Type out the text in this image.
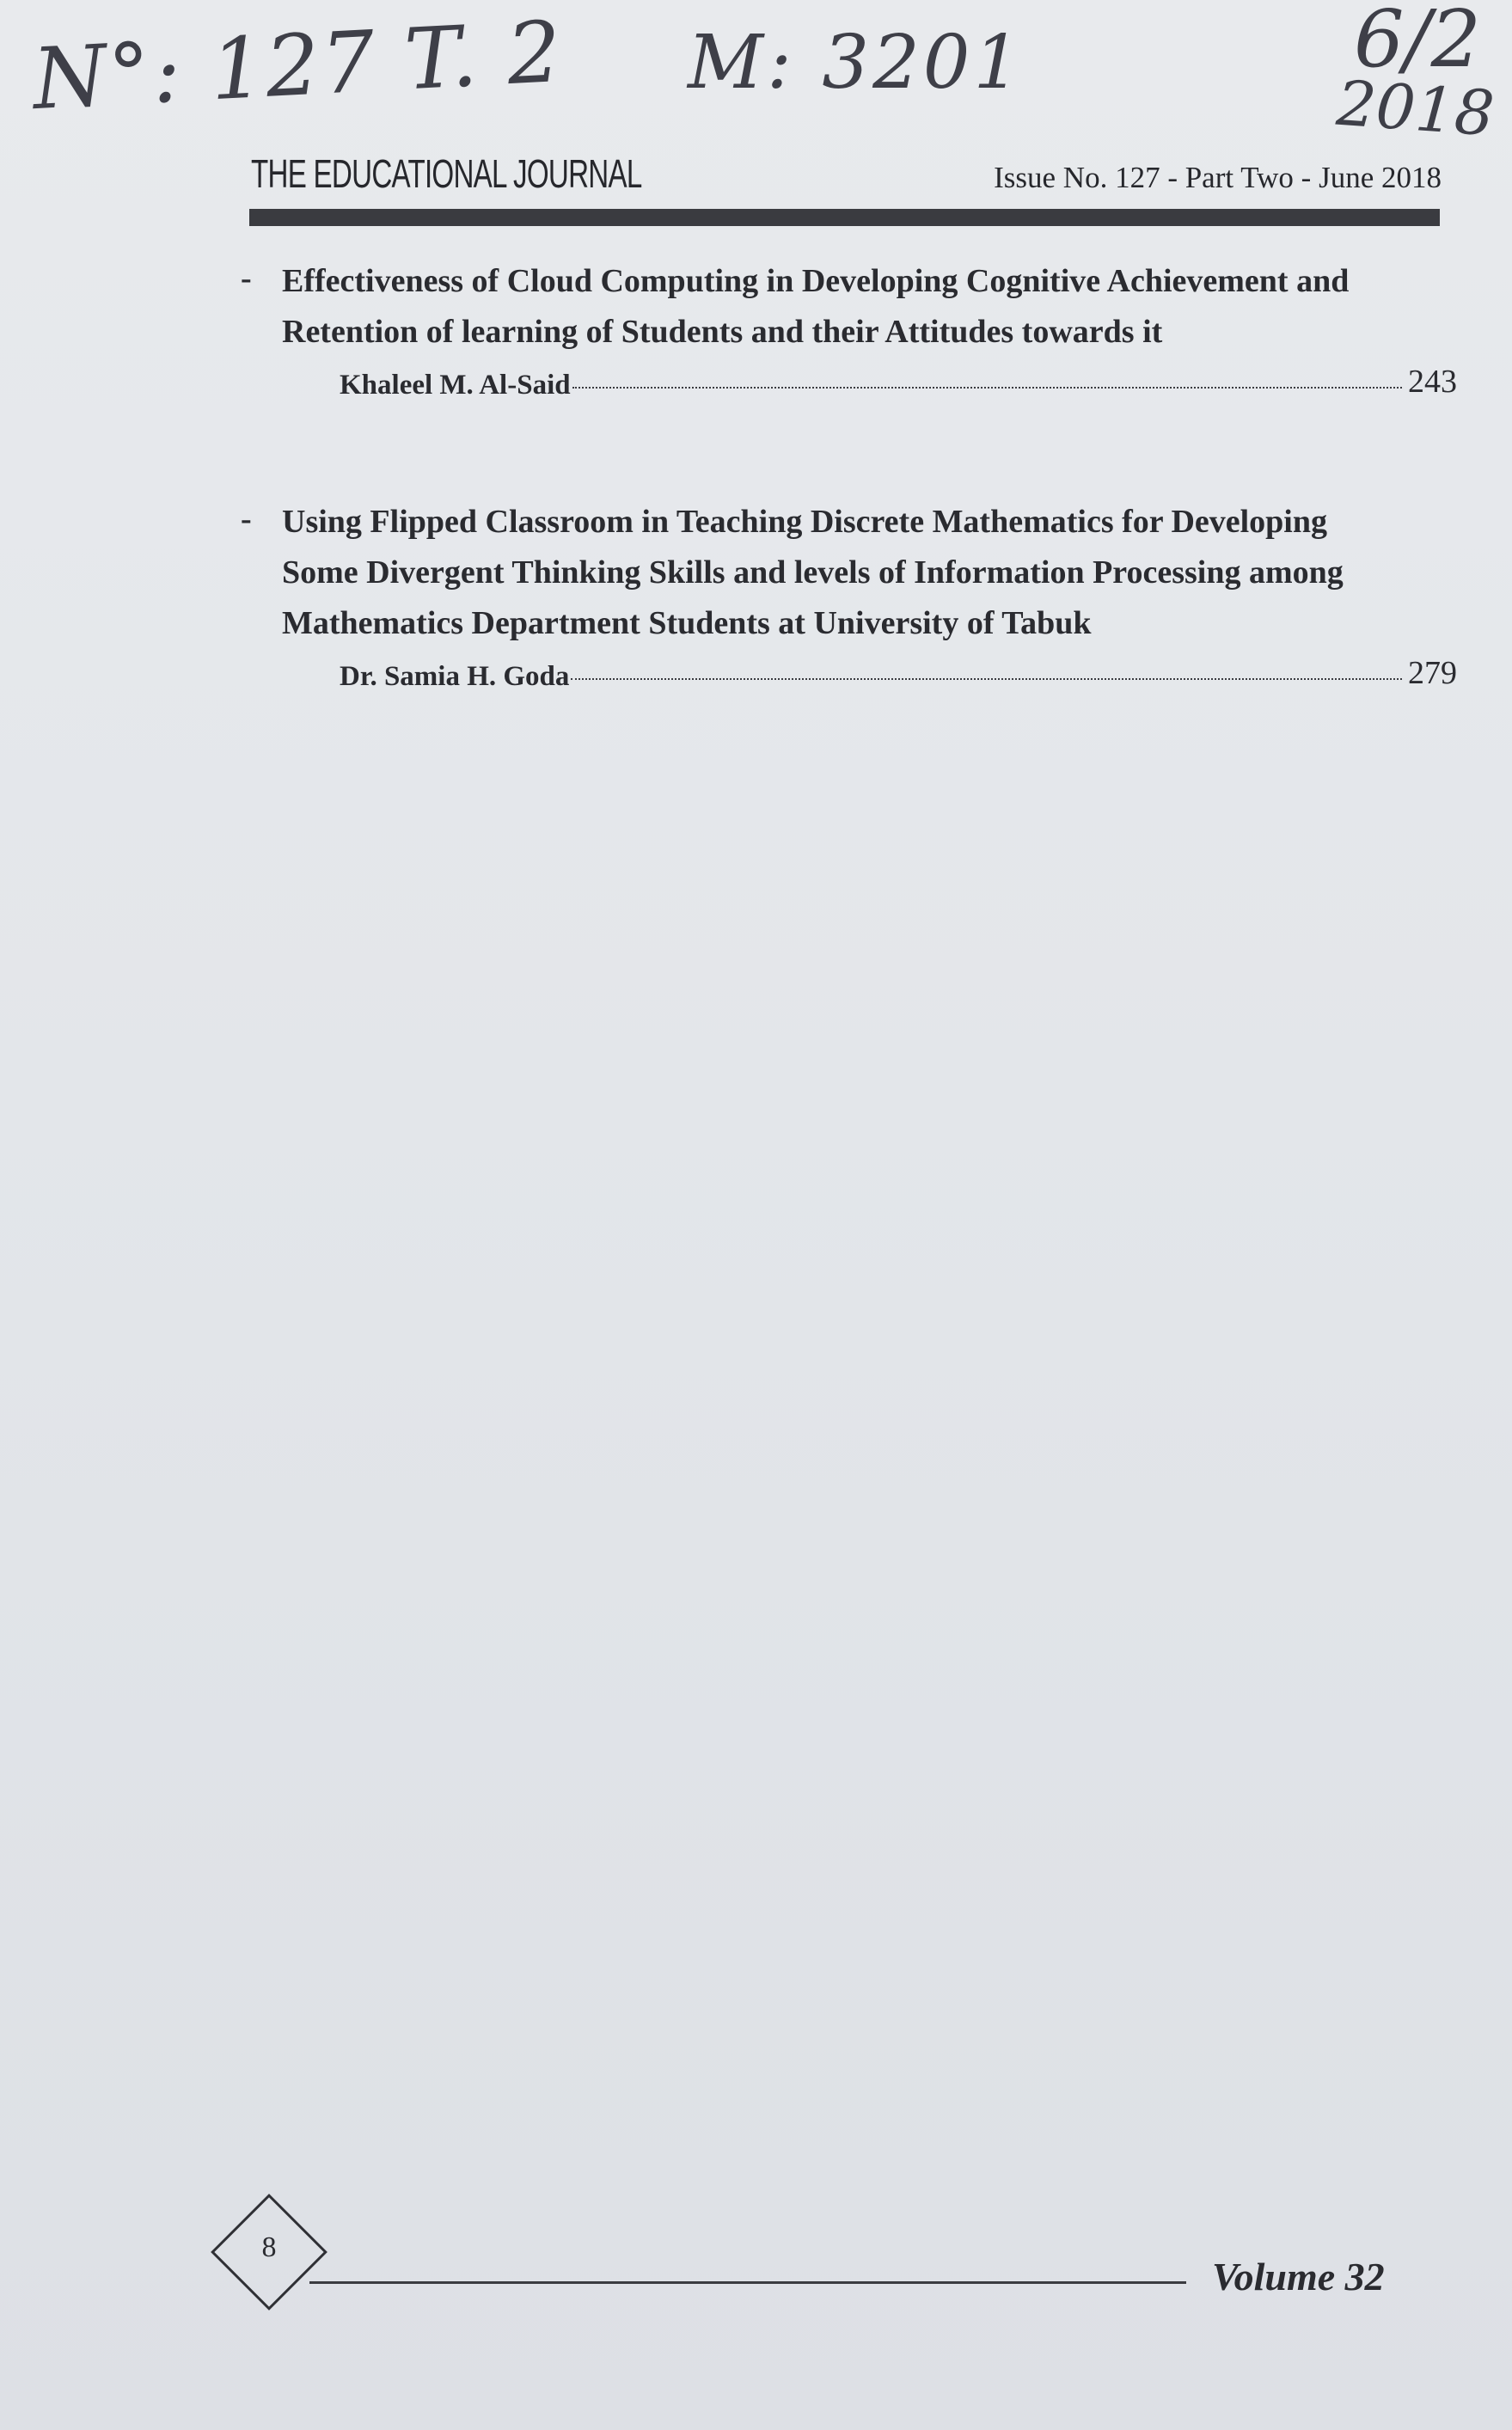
N°: 127 T. 2 M: 3201	6/2
2018
THE EDUCATIONAL JOURNAL	Issue No. 127 - Part Two - June 2018
- Effectiveness of Cloud Computing in Developing Cognitive Achievement and Retention of learning of Students and their Attitudes towards it
Khaleel M. Al-Said	243
- Using Flipped Classroom in Teaching Discrete Mathematics for Developing Some Divergent Thinking Skills and levels of Information Processing among Mathematics Department Students at University of Tabuk
Dr. Samia H. Goda	279
8
Volume 32
